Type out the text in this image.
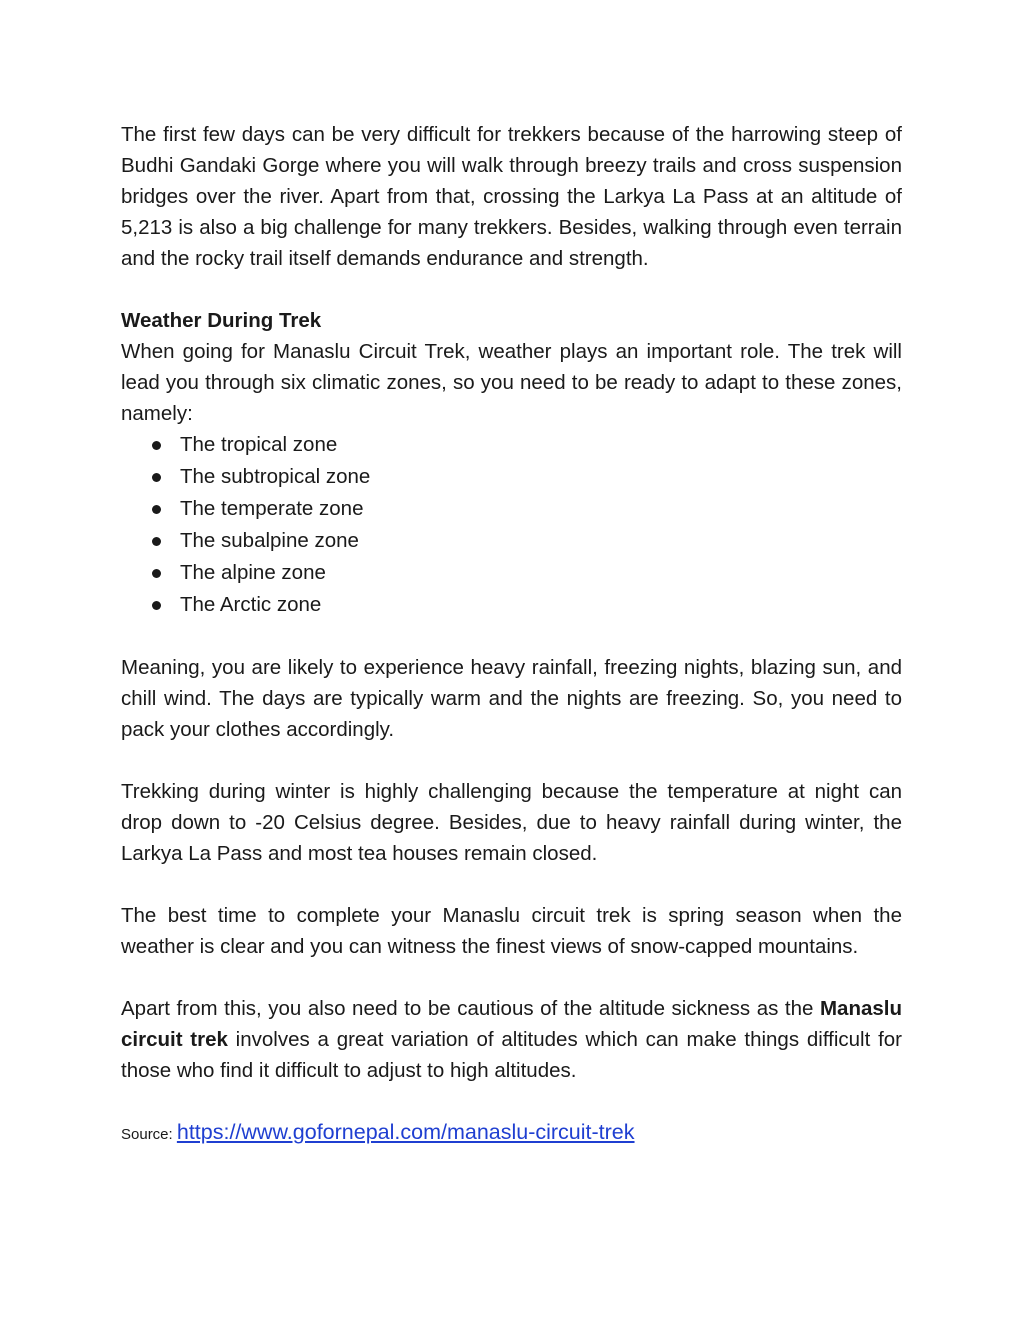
The first few days can be very difficult for trekkers because of the harrowing steep of Budhi Gandaki Gorge where you will walk through breezy trails and cross suspension bridges over the river. Apart from that, crossing the Larkya La Pass at an altitude of 5,213 is also a big challenge for many trekkers. Besides, walking through even terrain and the rocky trail itself demands endurance and strength.

Weather During Trek

When going for Manaslu Circuit Trek, weather plays an important role. The trek will lead you through six climatic zones, so you need to be ready to adapt to these zones, namely:

The tropical zone
The subtropical zone
The temperate zone
The subalpine zone
The alpine zone
The Arctic zone

Meaning, you are likely to experience heavy rainfall, freezing nights, blazing sun, and chill wind. The days are typically warm and the nights are freezing. So, you need to pack your clothes accordingly.

Trekking during winter is highly challenging because the temperature at night can drop down to -20 Celsius degree. Besides, due to heavy rainfall during winter, the Larkya La Pass and most tea houses remain closed.

The best time to complete your Manaslu circuit trek is spring season when the weather is clear and you can witness the finest views of snow-capped mountains.

Apart from this, you also need to be cautious of the altitude sickness as the Manaslu circuit trek involves a great variation of altitudes which can make things difficult for those who find it difficult to adjust to high altitudes.

Source: https://www.gofornepal.com/manaslu-circuit-trek
